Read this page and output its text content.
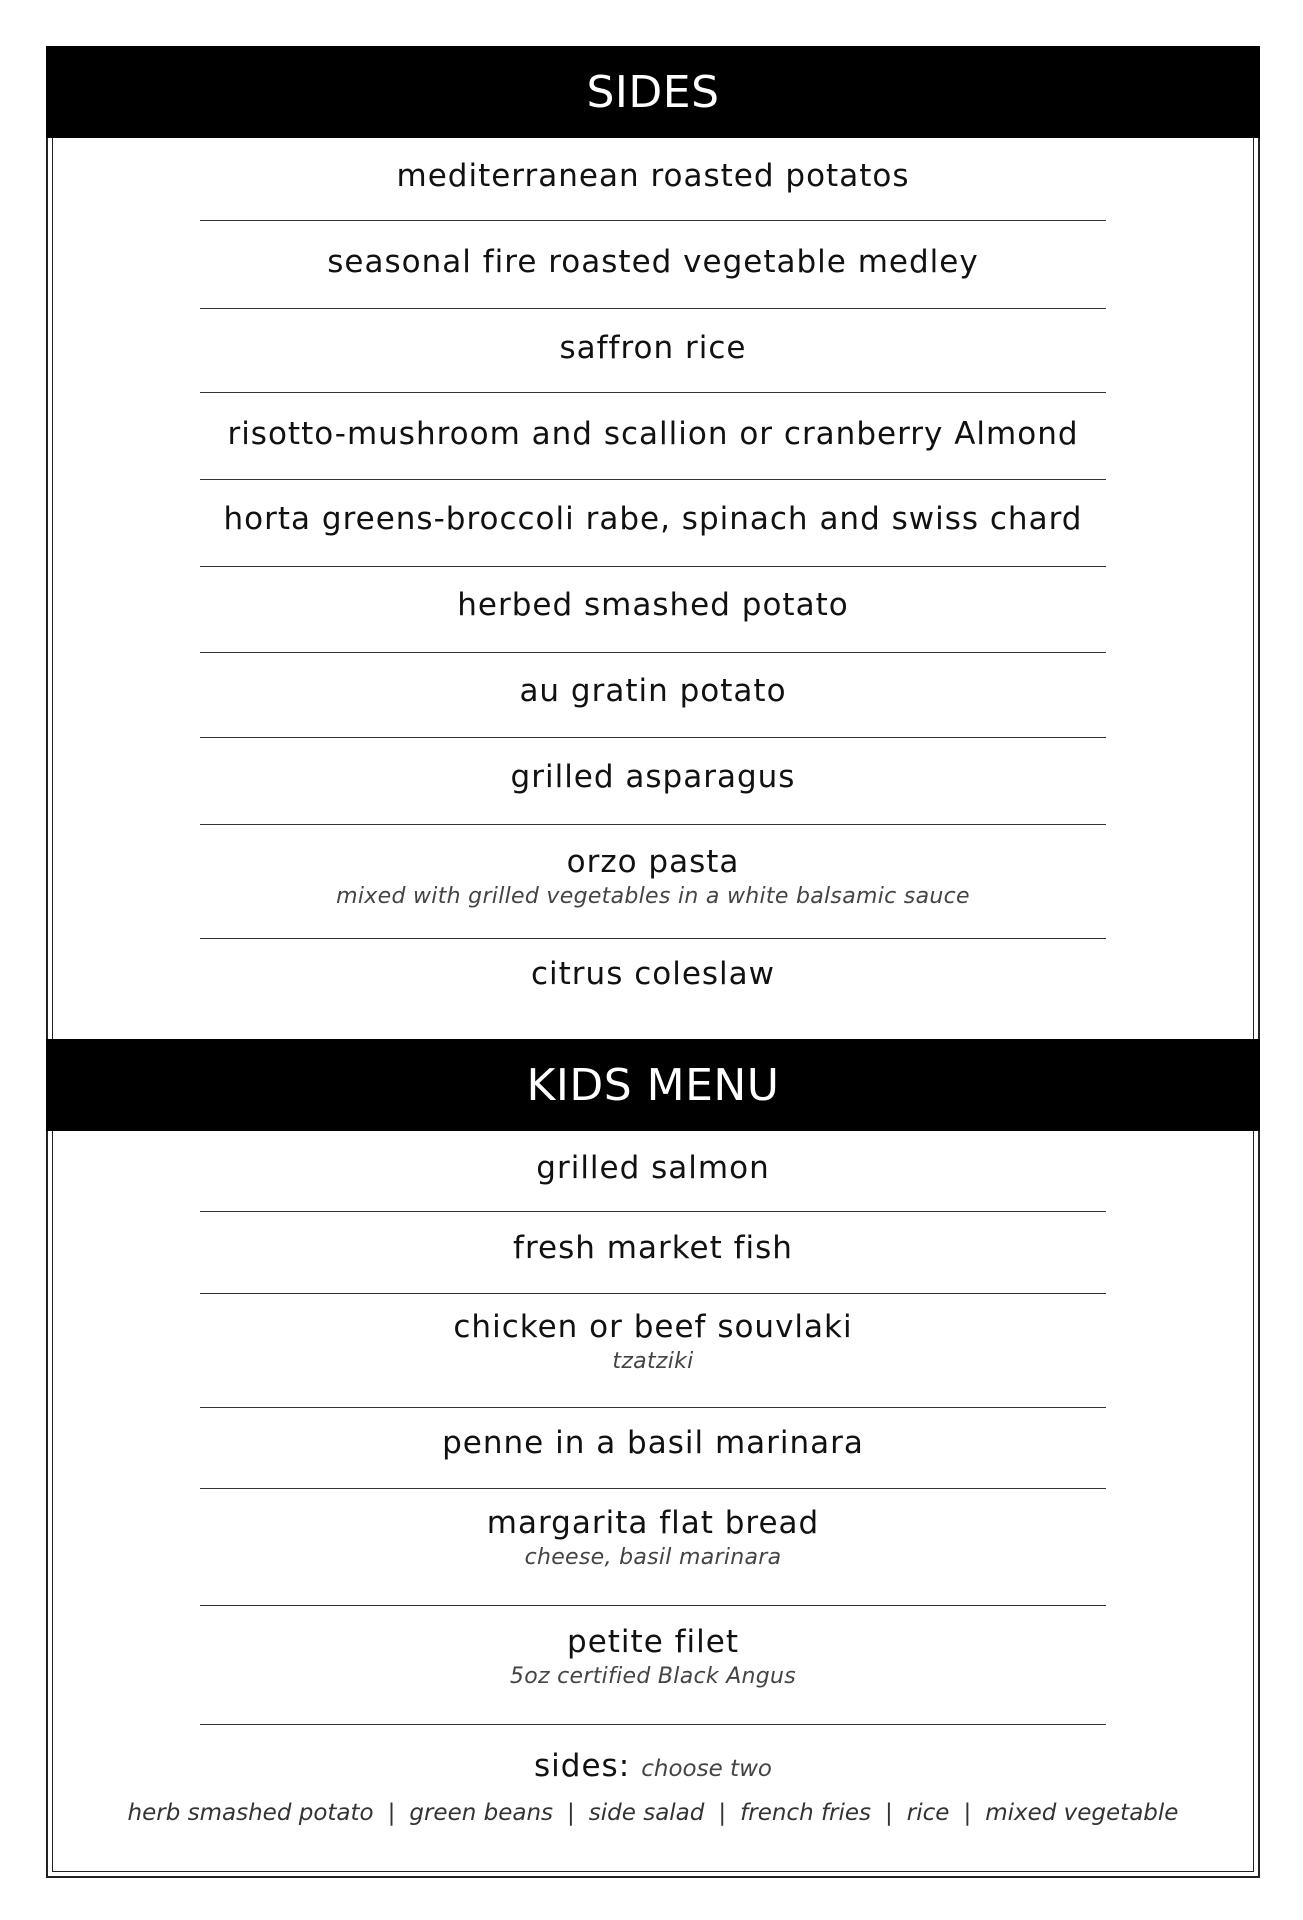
SIDES
mediterranean roasted potatos
seasonal fire roasted vegetable medley
saffron rice
risotto-mushroom and scallion or cranberry Almond
horta greens-broccoli rabe, spinach and swiss chard
herbed smashed potato
au gratin potato
grilled asparagus
orzo pasta
mixed with grilled vegetables in a white balsamic sauce
citrus coleslaw
KIDS MENU
grilled salmon
fresh market fish
chicken or beef souvlaki
tzatziki
penne in a basil marinara
margarita flat bread
cheese, basil marinara
petite filet
5oz certified Black Angus
sides: choose two
herb smashed potato | green beans | side salad | french fries | rice | mixed vegetable
